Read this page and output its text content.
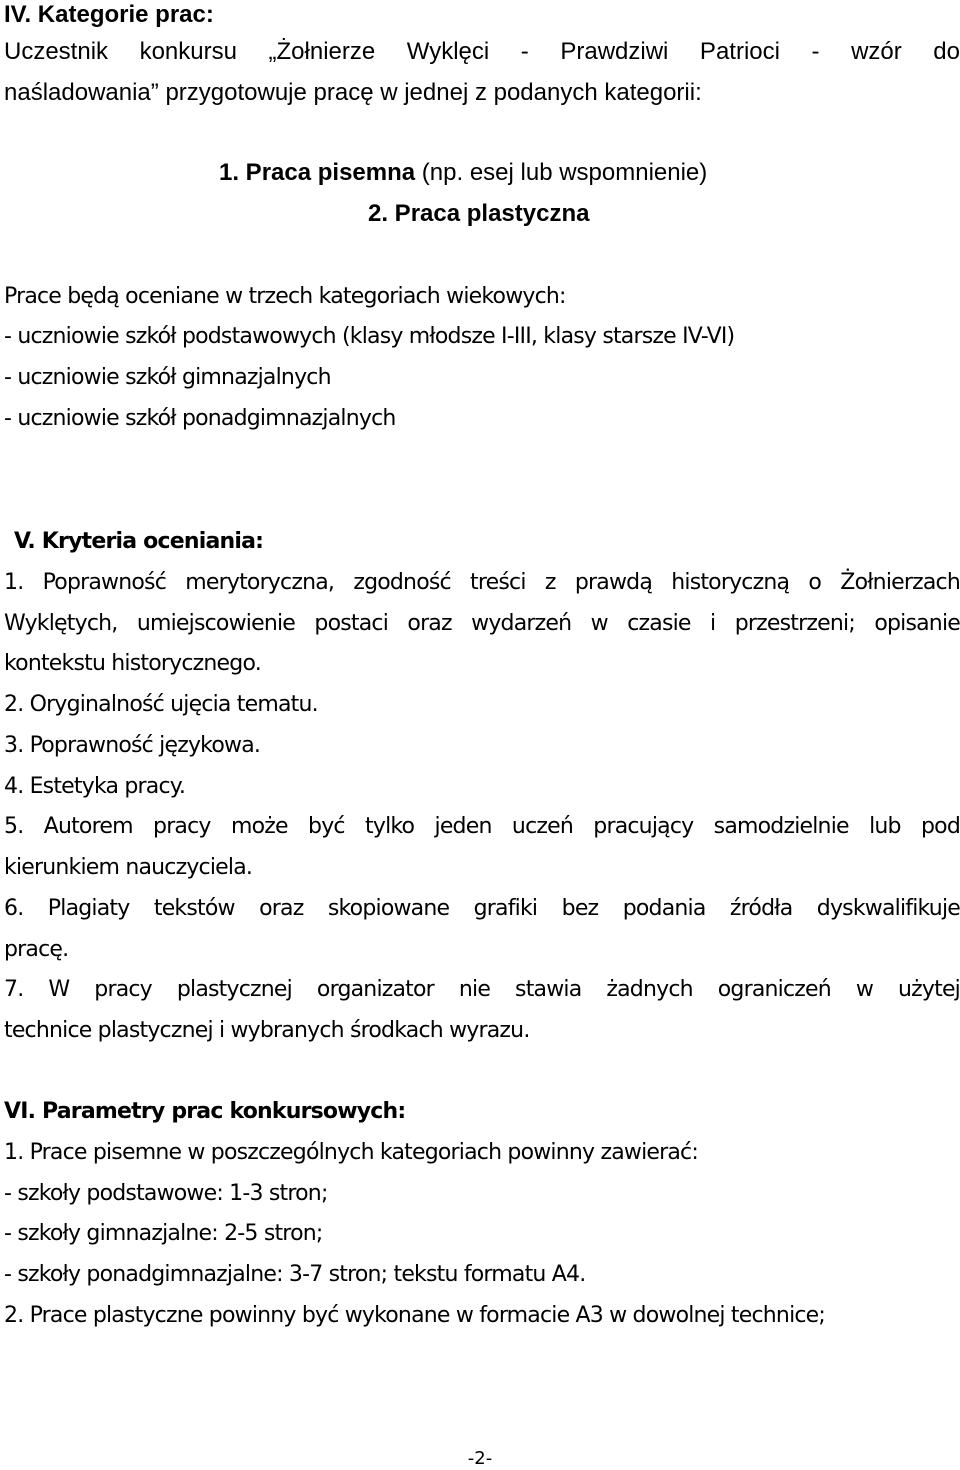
IV. Kategorie prac:
Uczestnik konkursu „Żołnierze Wyklęci - Prawdziwi Patrioci - wzór do
naśladowania” przygotowuje pracę w jednej z podanych kategorii:
1. Praca pisemna (np. esej lub wspomnienie)
2. Praca plastyczna
Prace będą oceniane w trzech kategoriach wiekowych:
- uczniowie szkół podstawowych (klasy młodsze I-III, klasy starsze IV-VI)
- uczniowie szkół gimnazjalnych
- uczniowie szkół ponadgimnazjalnych
V. Kryteria oceniania:
1. Poprawność merytoryczna, zgodność treści z prawdą historyczną o Żołnierzach
Wyklętych, umiejscowienie postaci oraz wydarzeń w czasie i przestrzeni; opisanie
kontekstu historycznego.
2. Oryginalność ujęcia tematu.
3. Poprawność językowa.
4. Estetyka pracy.
5. Autorem pracy może być tylko jeden uczeń pracujący samodzielnie lub pod
kierunkiem nauczyciela.
6. Plagiaty tekstów oraz skopiowane grafiki bez podania źródła dyskwalifikuje
pracę.
7. W pracy plastycznej organizator nie stawia żadnych ograniczeń w użytej
technice plastycznej i wybranych środkach wyrazu.
VI. Parametry prac konkursowych:
1. Prace pisemne w poszczególnych kategoriach powinny zawierać:
- szkoły podstawowe: 1-3 stron;
- szkoły gimnazjalne: 2-5 stron;
- szkoły ponadgimnazjalne: 3-7 stron; tekstu formatu A4.
2. Prace plastyczne powinny być wykonane w formacie A3 w dowolnej technice;
-2-
